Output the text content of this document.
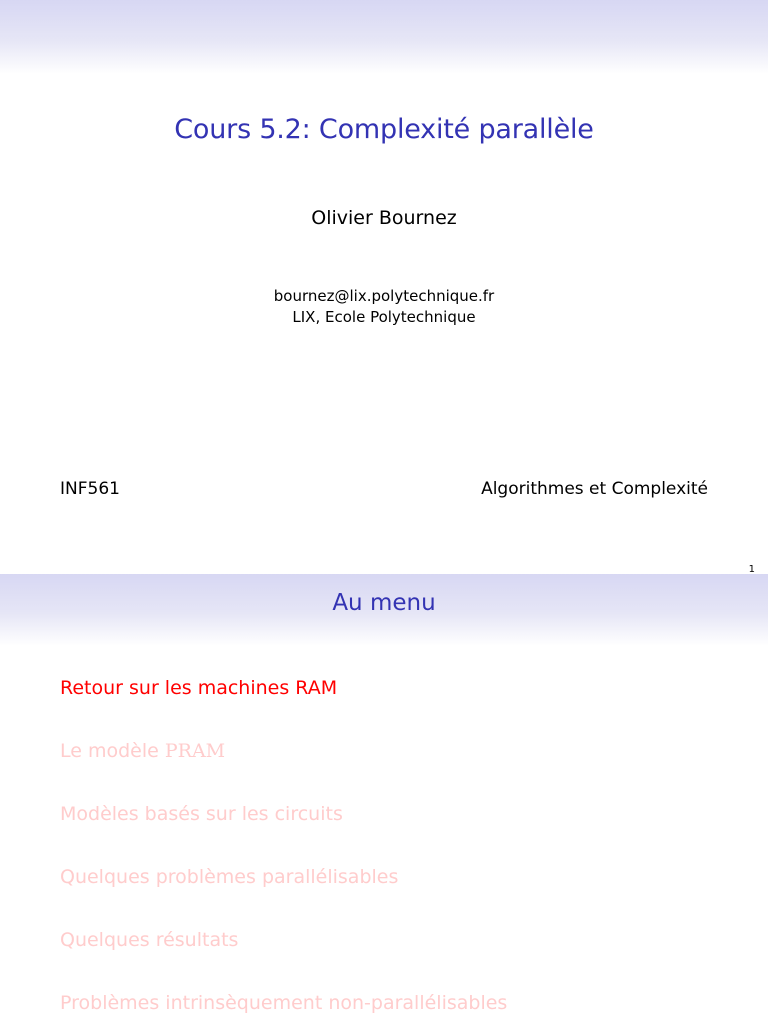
Cours 5.2: Complexité parallèle
Olivier Bournez
bournez@lix.polytechnique.fr
LIX, Ecole Polytechnique
INF561	Algorithmes et Complexité
1
Au menu
Retour sur les machines RAM
Le modèle PRAM
Modèles basés sur les circuits
Quelques problèmes parallélisables
Quelques résultats
Problèmes intrinsèquement non-parallélisables
